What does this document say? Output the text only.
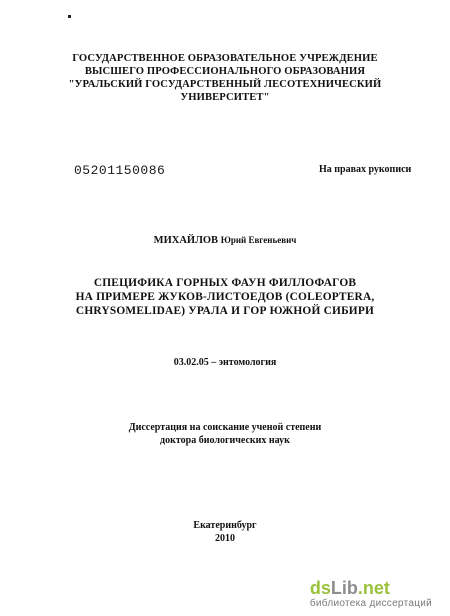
ГОСУДАРСТВЕННОЕ ОБРАЗОВАТЕЛЬНОЕ УЧРЕЖДЕНИЕ
ВЫСШЕГО ПРОФЕССИОНАЛЬНОГО ОБРАЗОВАНИЯ
"УРАЛЬСКИЙ ГОСУДАРСТВЕННЫЙ ЛЕСОТЕХНИЧЕСКИЙ
УНИВЕРСИТЕТ"
05201150086	На правах рукописи
МИХАЙЛОВ Юрий Евгеньевич
СПЕЦИФИКА ГОРНЫХ ФАУН ФИЛЛОФАГОВ
НА ПРИМЕРЕ ЖУКОВ-ЛИСТОЕДОВ (COLEOPTERA,
CHRYSOMELIDAE) УРАЛА И ГОР ЮЖНОЙ СИБИРИ
03.02.05 – энтомология
Диссертация на соискание ученой степени
доктора биологических наук
Екатеринбург
2010
dsLib.net
библиотека диссертаций
